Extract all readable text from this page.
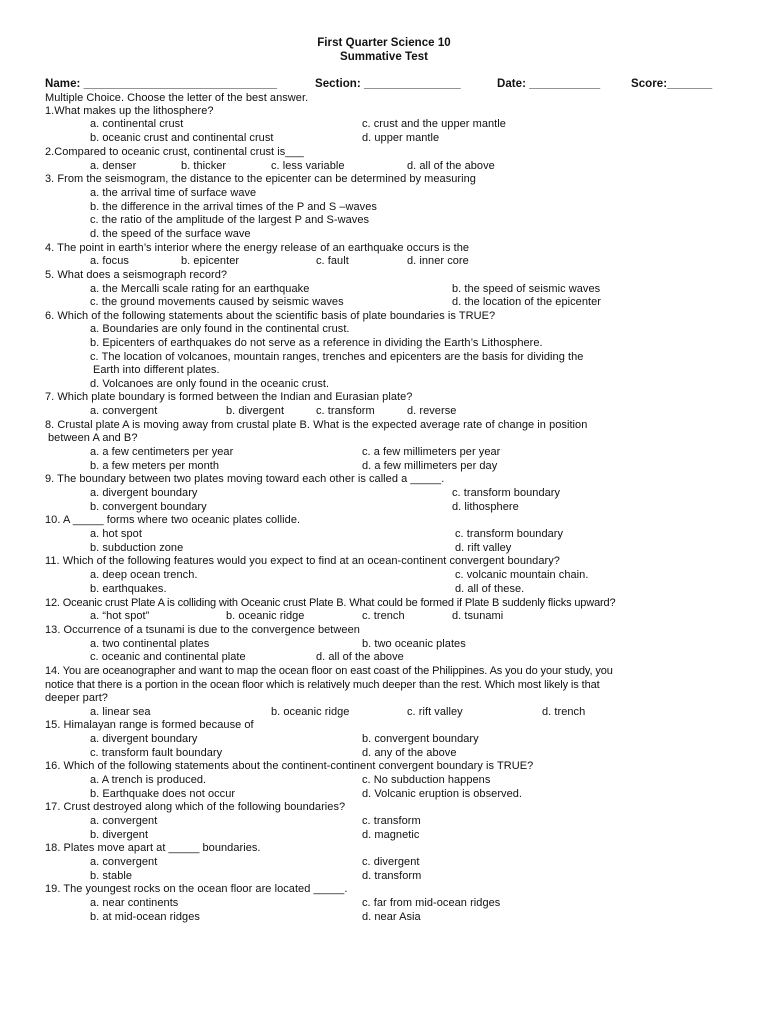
First Quarter Science 10
Summative Test
Name: ______________________________	Section: _______________	Date: ___________	Score:_______
Multiple Choice. Choose the letter of the best answer.
1.What makes up the lithosphere?
a. continental crust	c. crust and the upper mantle
b. oceanic crust and continental crust	d. upper mantle
2.Compared to oceanic crust, continental crust is___
a. denser	b. thicker	c. less variable	d. all of the above
3. From the seismogram, the distance to the epicenter can be determined by measuring
a. the arrival time of surface wave
b. the difference in the arrival times of the P and S –waves
c. the ratio of the amplitude of the largest P and S-waves
d. the speed of the surface wave
4. The point in earth’s interior where the energy release of an earthquake occurs is the
a. focus	b. epicenter	c. fault	d. inner core
5. What does a seismograph record?
a. the Mercalli scale rating for an earthquake	b. the speed of seismic waves
c. the ground movements caused by seismic waves	d. the location of the epicenter
6. Which of the following statements about the scientific basis of plate boundaries is TRUE?
a. Boundaries are only found in the continental crust.
b. Epicenters of earthquakes do not serve as a reference in dividing the Earth’s Lithosphere.
c. The location of volcanoes, mountain ranges, trenches and epicenters are the basis for dividing the
Earth into different plates.
d. Volcanoes are only found in the oceanic crust.
7. Which plate boundary is formed between the Indian and Eurasian plate?
a. convergent	b. divergent	c. transform	d. reverse
8. Crustal plate A is moving away from crustal plate B. What is the expected average rate of change in position
between A and B?
a. a few centimeters per year	c. a few millimeters per year
b. a few meters per month	d. a few millimeters per day
9. The boundary between two plates moving toward each other is called a _____.
a. divergent boundary	c. transform boundary
b. convergent boundary	d. lithosphere
10. A _____ forms where two oceanic plates collide.
a. hot spot	c. transform boundary
b. subduction zone	d. rift valley
11. Which of the following features would you expect to find at an ocean-continent convergent boundary?
a. deep ocean trench.	c. volcanic mountain chain.
b. earthquakes.	d. all of these.
12. Oceanic crust Plate A is colliding with Oceanic crust Plate B. What could be formed if Plate B suddenly flicks upward?
a. “hot spot”	b. oceanic ridge	c. trench	d. tsunami
13. Occurrence of a tsunami is due to the convergence between
a. two continental plates	b. two oceanic plates
c. oceanic and continental plate	d. all of the above
14. You are oceanographer and want to map the ocean floor on east coast of the Philippines. As you do your study, you
notice that there is a portion in the ocean floor which is relatively much deeper than the rest. Which most likely is that
deeper part?
a. linear sea	b. oceanic ridge	c. rift valley	d. trench
15. Himalayan range is formed because of
a. divergent boundary	b. convergent boundary
c. transform fault boundary	d. any of the above
16. Which of the following statements about the continent-continent convergent boundary is TRUE?
a. A trench is produced.	c. No subduction happens
b. Earthquake does not occur	d. Volcanic eruption is observed.
17. Crust destroyed along which of the following boundaries?
a. convergent	c. transform
b. divergent	d. magnetic
18. Plates move apart at _____ boundaries.
a. convergent	c. divergent
b. stable	d. transform
19. The youngest rocks on the ocean floor are located _____.
a. near continents	c. far from mid-ocean ridges
b. at mid-ocean ridges	d. near Asia
